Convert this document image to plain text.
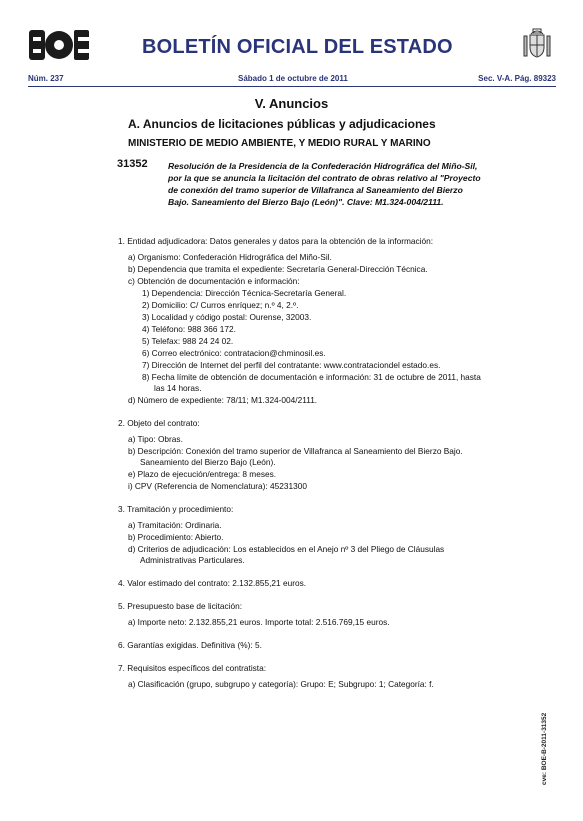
BOLETÍN OFICIAL DEL ESTADO
Núm. 237	Sábado 1 de octubre de 2011	Sec. V-A. Pág. 89323
V. Anuncios
A. Anuncios de licitaciones públicas y adjudicaciones
MINISTERIO DE MEDIO AMBIENTE, Y MEDIO RURAL Y MARINO
31352 Resolución de la Presidencia de la Confederación Hidrográfica del Miño-Sil, por la que se anuncia la licitación del contrato de obras relativo al "Proyecto de conexión del tramo superior de Villafranca al Saneamiento del Bierzo Bajo. Saneamiento del Bierzo Bajo (León)". Clave: M1.324-004/2111.
1. Entidad adjudicadora: Datos generales y datos para la obtención de la información:
a) Organismo: Confederación Hidrográfica del Miño-Sil.
b) Dependencia que tramita el expediente: Secretaría General-Dirección Técnica.
c) Obtención de documentación e información:
1) Dependencia: Dirección Técnica-Secretaría General.
2) Domicilio: C/ Curros enríquez; n.º 4, 2.º.
3) Localidad y código postal: Ourense, 32003.
4) Teléfono: 988 366 172.
5) Telefax: 988 24 24 02.
6) Correo electrónico: contratacion@chminosil.es.
7) Dirección de Internet del perfil del contratante: www.contrataciondel estado.es.
8) Fecha límite de obtención de documentación e información: 31 de octubre de 2011, hasta las 14 horas.
d) Número de expediente: 78/11; M1.324-004/2111.
2. Objeto del contrato:
a) Tipo: Obras.
b) Descripción: Conexión del tramo superior de Villafranca al Saneamiento del Bierzo Bajo. Saneamiento del Bierzo Bajo (León).
e) Plazo de ejecución/entrega: 8 meses.
i) CPV (Referencia de Nomenclatura): 45231300
3. Tramitación y procedimiento:
a) Tramitación: Ordinaria.
b) Procedimiento: Abierto.
d) Criterios de adjudicación: Los establecidos en el Anejo nº 3 del Pliego de Cláusulas Administrativas Particulares.
4. Valor estimado del contrato: 2.132.855,21 euros.
5. Presupuesto base de licitación:
a) Importe neto: 2.132.855,21 euros. Importe total: 2.516.769,15 euros.
6. Garantías exigidas. Definitiva (%): 5.
7. Requisitos específicos del contratista:
a) Clasificación (grupo, subgrupo y categoría): Grupo: E; Subgrupo: 1; Categoría: f.
cve: BOE-B-2011-31352
